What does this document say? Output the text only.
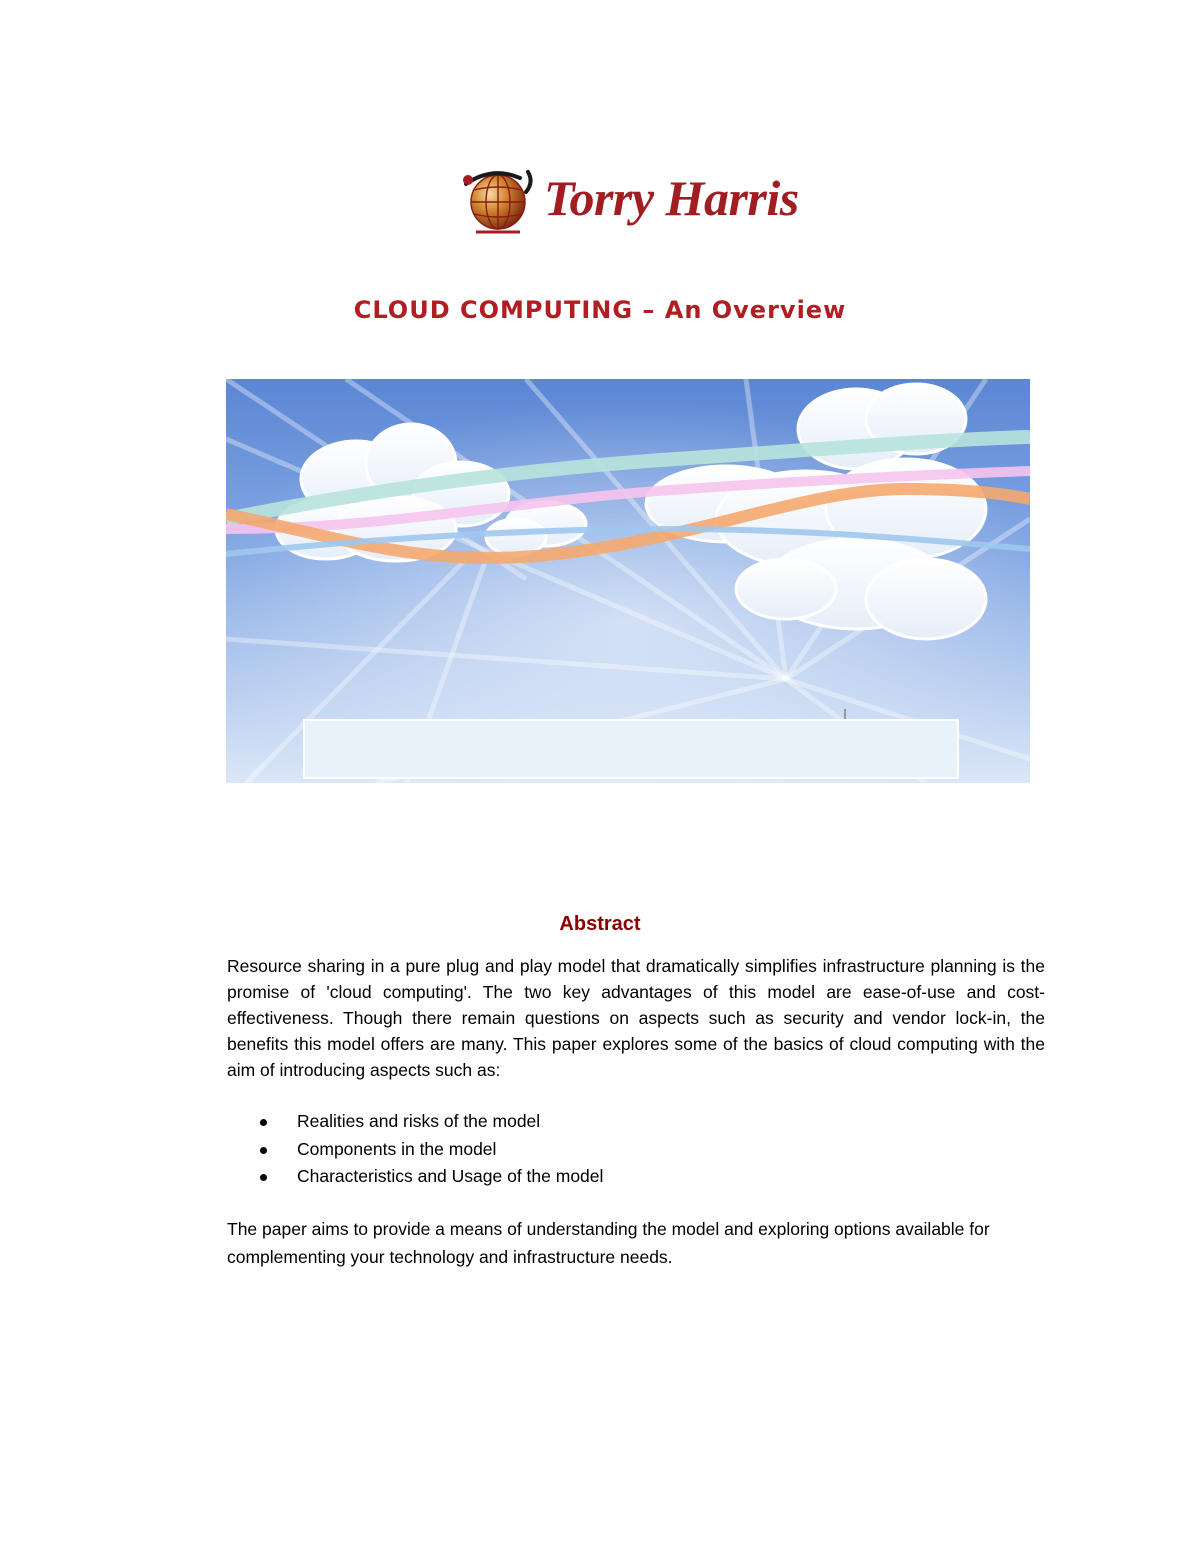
Torry Harris
CLOUD COMPUTING – An Overview
Abstract

Resource sharing in a pure plug and play model that dramatically simplifies infrastructure planning is the promise of 'cloud computing'. The two key advantages of this model are ease-of-use and cost-effectiveness. Though there remain questions on aspects such as security and vendor lock-in, the benefits this model offers are many. This paper explores some of the basics of cloud computing with the aim of introducing aspects such as:

Realities and risks of the model
Components in the model
Characteristics and Usage of the model

The paper aims to provide a means of understanding the model and exploring options available for complementing your technology and infrastructure needs.
